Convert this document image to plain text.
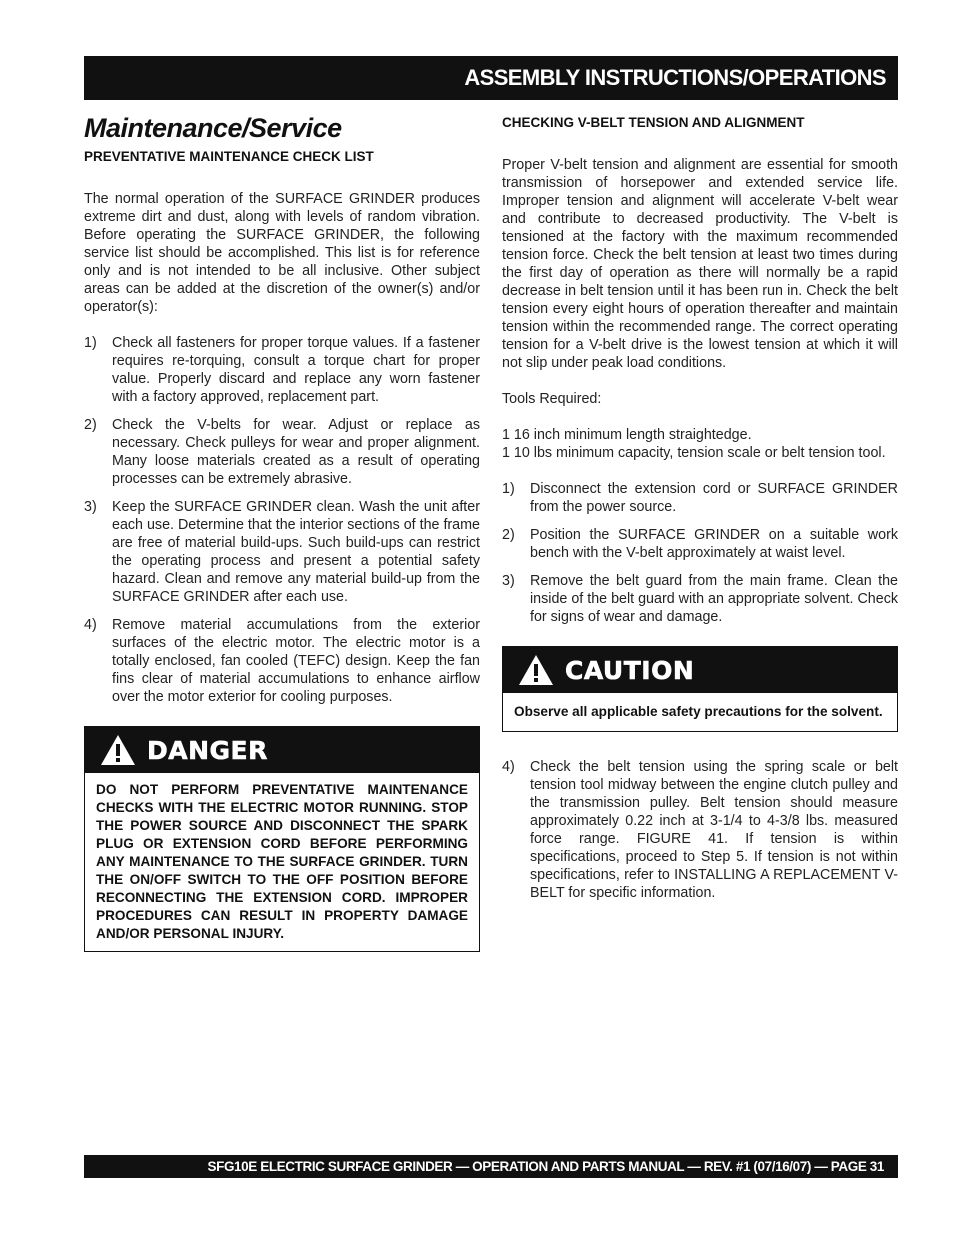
ASSEMBLY INSTRUCTIONS/OPERATIONS
Maintenance/Service
PREVENTATIVE MAINTENANCE CHECK LIST

The normal operation of the SURFACE GRINDER produces extreme dirt and dust, along with levels of random vibration. Before operating the SURFACE GRINDER, the following service list should be accomplished. This list is for reference only and is not intended to be all inclusive. Other subject areas can be added at the discretion of the owner(s) and/or operator(s):

1)	Check all fasteners for proper torque values. If a fastener requires re-torquing, consult a torque chart for proper value. Properly discard and replace any worn fastener with a factory approved, replacement part.
2)	Check the V-belts for wear. Adjust or replace as necessary. Check pulleys for wear and proper alignment. Many loose materials created as a result of operating processes can be extremely abrasive.
3)	Keep the SURFACE GRINDER clean. Wash the unit after each use. Determine that the interior sections of the frame are free of material build-ups. Such build-ups can restrict the operating process and present a potential safety hazard. Clean and remove any material build-up from the SURFACE GRINDER after each use.
4)	Remove material accumulations from the exterior surfaces of the electric motor. The electric motor is a totally enclosed, fan cooled (TEFC) design. Keep the fan fins clear of material accumulations to enhance airflow over the motor exterior for cooling purposes.
DANGER
DO NOT PERFORM PREVENTATIVE MAINTENANCE CHECKS WITH THE ELECTRIC MOTOR RUNNING. STOP THE POWER SOURCE AND DISCONNECT THE SPARK PLUG OR EXTENSION CORD BEFORE PERFORMING ANY MAINTENANCE TO THE SURFACE GRINDER. TURN THE ON/OFF SWITCH TO THE OFF POSITION BEFORE RECONNECTING THE EXTENSION CORD. IMPROPER PROCEDURES CAN RESULT IN PROPERTY DAMAGE AND/OR PERSONAL INJURY.
CHECKING V-BELT TENSION AND ALIGNMENT

Proper V-belt tension and alignment are essential for smooth transmission of horsepower and extended service life. Improper tension and alignment will accelerate V-belt wear and contribute to decreased productivity. The V-belt is tensioned at the factory with the maximum recommended tension force. Check the belt tension at least two times during the first day of operation as there will normally be a rapid decrease in belt tension until it has been run in. Check the belt tension every eight hours of operation thereafter and maintain tension within the recommended range. The correct operating tension for a V-belt drive is the lowest tension at which it will not slip under peak load conditions.

Tools Required:

1 16 inch minimum length straightedge.

1 10 lbs minimum capacity, tension scale or belt tension tool.

1)	Disconnect the extension cord or SURFACE GRINDER from the power source.
2)	Position the SURFACE GRINDER on a suitable work bench with the V-belt approximately at waist level.
3)	Remove the belt guard from the main frame. Clean the inside of the belt guard with an appropriate solvent. Check for signs of wear and damage.
CAUTION
Observe all applicable safety precautions for the solvent.
4)	Check the belt tension using the spring scale or belt tension tool midway between the engine clutch pulley and the transmission pulley. Belt tension should measure approximately 0.22 inch at 3-1/4 to 4-3/8 lbs. measured force range. FIGURE 41. If tension is within specifications, proceed to Step 5. If tension is not within specifications, refer to INSTALLING A REPLACEMENT V-BELT for specific information.
SFG10E ELECTRIC SURFACE GRINDER — OPERATION AND PARTS MANUAL — REV. #1 (07/16/07) — PAGE 31
